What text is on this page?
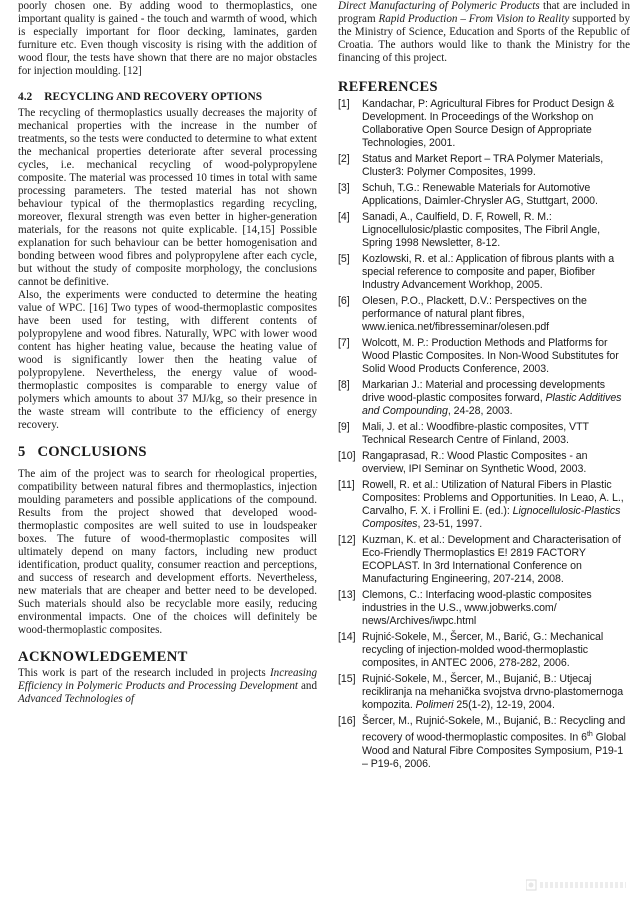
poorly chosen one. By adding wood to thermoplastics, one important quality is gained - the touch and warmth of wood, which is especially important for floor decking, laminates, garden furniture etc. Even though viscosity is rising with the addition of wood flour, the tests have shown that there are no major obstacles for injection moulding. [12]

4.2 RECYCLING AND RECOVERY OPTIONS

The recycling of thermoplastics usually decreases the majority of mechanical properties with the increase in the number of treatments, so the tests were conducted to determine to what extent the mechanical properties deteriorate after several processing cycles, i.e. mechanical recycling of wood-polypropylene composite. The material was processed 10 times in total with same processing parameters. The tested material has not shown behaviour typical of the thermoplastics regarding recycling, moreover, flexural strength was even better in higher-generation materials, for the reasons not quite explicable. [14,15] Possible explanation for such behaviour can be better homogenisation and bonding between wood fibres and polypropylene after each cycle, but without the study of composite morphology, the conclusions cannot be definitive.

Also, the experiments were conducted to determine the heating value of WPC. [16] Two types of wood-thermoplastic composites have been used for testing, with different contents of polypropylene and wood fibres. Naturally, WPC with lower wood content has higher heating value, because the heating value of wood is significantly lower then the heating value of polypropylene. Nevertheless, the energy value of wood-thermoplastic composites is comparable to energy value of polymers which amounts to about 37 MJ/kg, so their presence in the waste stream will contribute to the efficiency of energy recovery.

5 CONCLUSIONS

The aim of the project was to search for rheological properties, compatibility between natural fibres and thermoplastics, injection moulding parameters and possible applications of the compound. Results from the project showed that developed wood-thermoplastic composites are well suited to use in loudspeaker boxes. The future of wood-thermoplastic composites will ultimately depend on many factors, including new product identification, product quality, consumer reaction and perceptions, and success of research and development efforts. Nevertheless, new materials that are cheaper and better need to be developed. Such materials should also be recyclable more easily, reducing environmental impacts. One of the choices will definitely be wood-thermoplastic composites.

ACKNOWLEDGEMENT

This work is part of the research included in projects Increasing Efficiency in Polymeric Products and Processing Development and Advanced Technologies of

Direct Manufacturing of Polymeric Products that are included in program Rapid Production – From Vision to Reality supported by the Ministry of Science, Education and Sports of the Republic of Croatia. The authors would like to thank the Ministry for the financing of this project.

REFERENCES
[1]	Kandachar, P: Agricultural Fibres for Product Design & Development. In Proceedings of the Workshop on Collaborative Open Source Design of Appropriate Technologies, 2001.
[2]	Status and Market Report – TRA Polymer Materials, Cluster3: Polymer Composites, 1999.
[3]	Schuh, T.G.: Renewable Materials for Automotive Applications, Daimler-Chrysler AG, Stuttgart, 2000.
[4]	Sanadi, A., Caulfield, D. F, Rowell, R. M.: Lignocellulosic/plastic composites, The Fibril Angle, Spring 1998 Newsletter, 8-12.
[5]	Kozlowski, R. et al.: Application of fibrous plants with a special reference to composite and paper, Biofiber Industry Advancement Workhop, 2005.
[6]	Olesen, P.O., Plackett, D.V.: Perspectives on the performance of natural plant fibres, www.ienica.net/fibresseminar/olesen.pdf
[7]	Wolcott, M. P.: Production Methods and Platforms for Wood Plastic Composites. In Non-Wood Substitutes for Solid Wood Products Conference, 2003.
[8]	Markarian J.: Material and processing developments drive wood-plastic composites forward, Plastic Additives and Compounding, 24-28, 2003.
[9]	Mali, J. et al.: Woodfibre-plastic composites, VTT Technical Research Centre of Finland, 2003.
[10] Rangaprasad, R.: Wood Plastic Composites - an overview, IPI Seminar on Synthetic Wood, 2003.
[11] Rowell, R. et al.: Utilization of Natural Fibers in Plastic Composites: Problems and Opportunities. In Leao, A. L., Carvalho, F. X. i Frollini E. (ed.): Lignocellulosic-Plastics Composites, 23-51, 1997.
[12] Kuzman, K. et al.: Development and Characterisation of Eco-Friendly Thermoplastics E! 2819 FACTORY ECOPLAST. In 3rd International Conference on Manufacturing Engineering, 207-214, 2008.
[13] Clemons, C.: Interfacing wood-plastic composites industries in the U.S., www.jobwerks.com/ news/Archives/iwpc.html
[14] Rujnić-Sokele, M., Šercer, M., Barić, G.: Mechanical recycling of injection-molded wood-thermoplastic composites, in ANTEC 2006, 278-282, 2006.
[15] Rujnić-Sokele, M., Šercer, M., Bujanić, B.: Utjecaj recikliranja na mehanička svojstva drvno-plastomernoga kompozita. Polimeri 25(1-2), 12-19, 2004.
[16] Šercer, M., Rujnić-Sokele, M., Bujanić, B.: Recycling and recovery of wood-thermoplastic composites. In 6th Global Wood and Natural Fibre Composites Symposium, P19-1 – P19-6, 2006.
